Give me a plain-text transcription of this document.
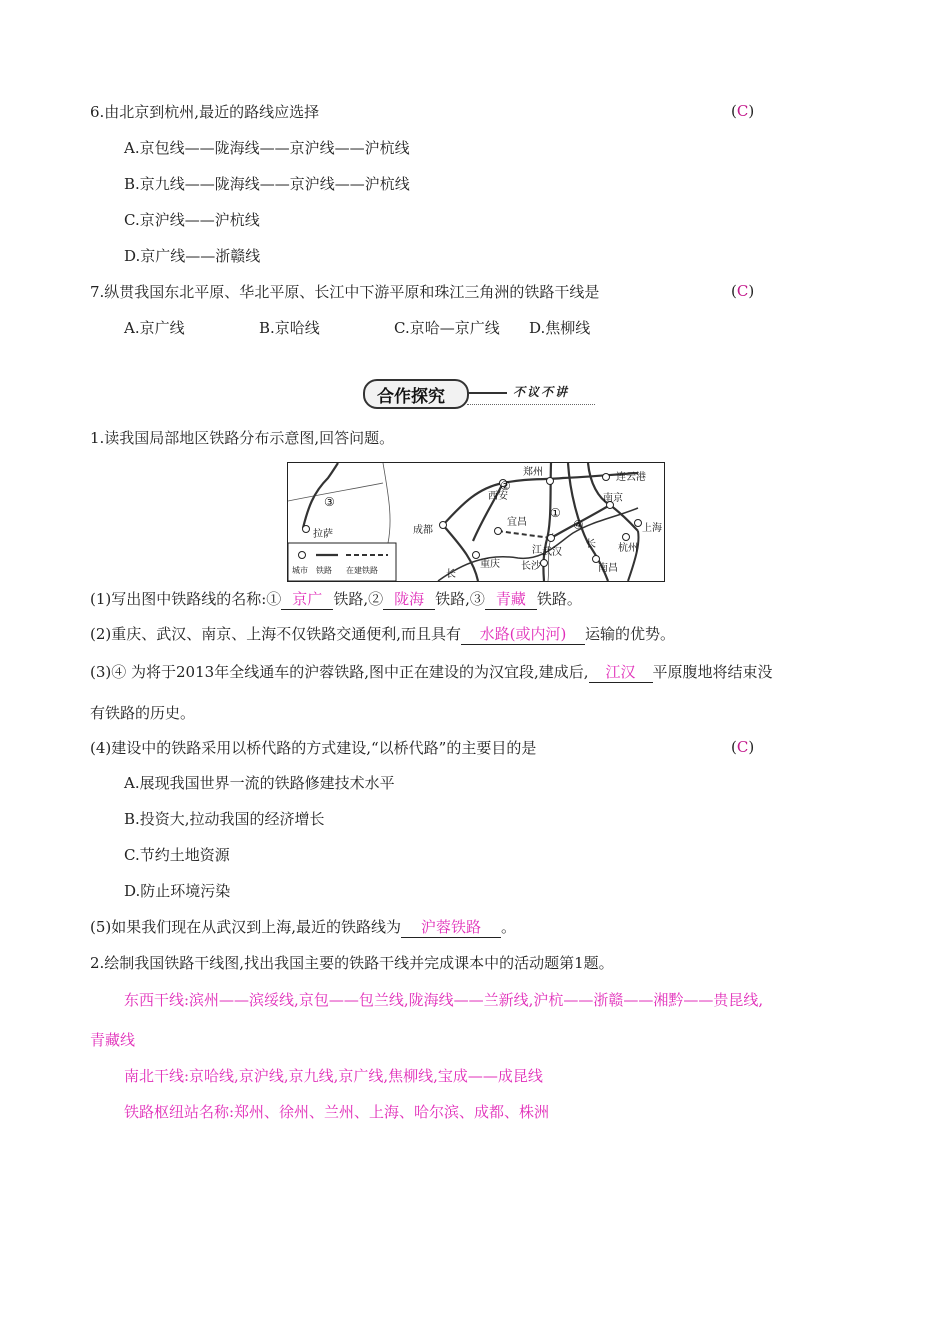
6.由北京到杭州,最近的路线应选择	(C)
A.京包线——陇海线——京沪线——沪杭线
B.京九线——陇海线——京沪线——沪杭线
C.京沪线——沪杭线
D.京广线——浙赣线
7.纵贯我国东北平原、华北平原、长江中下游平原和珠江三角洲的铁路干线是	(C)
A.京广线	B.京哈线	C.京哈—京广线 D.焦柳线
合作探究	不议不讲
1.读我国局部地区铁路分布示意图,回答问题。
郑州	连云港
西安	南京
拉萨	成都
宜昌
上海
杭州
武汉
重庆 长沙	南昌
①
②
③
④
江
长
长
城市 铁路 在建铁路
(1)写出图中铁路线的名称:① 京广 铁路,② 陇海 铁路,③ 青藏 铁路。
(2)重庆、武汉、南京、上海不仅铁路交通便利,而且具有 水路(或内河) 运输的优势。
(3)④ 为将于2013年全线通车的沪蓉铁路,图中正在建设的为汉宜段,建成后, 江汉 平原腹地将结束没
有铁路的历史。
(4)建设中的铁路采用以桥代路的方式建设,“以桥代路”的主要目的是	(C)
A.展现我国世界一流的铁路修建技术水平
B.投资大,拉动我国的经济增长
C.节约土地资源
D.防止环境污染
(5)如果我们现在从武汉到上海,最近的铁路线为 沪蓉铁路 。
2.绘制我国铁路干线图,找出我国主要的铁路干线并完成课本中的活动题第1题。
东西干线:滨州——滨绥线,京包——包兰线,陇海线——兰新线,沪杭——浙赣——湘黔——贵昆线,
青藏线
南北干线:京哈线,京沪线,京九线,京广线,焦柳线,宝成——成昆线
铁路枢纽站名称:郑州、徐州、兰州、上海、哈尔滨、成都、株洲
